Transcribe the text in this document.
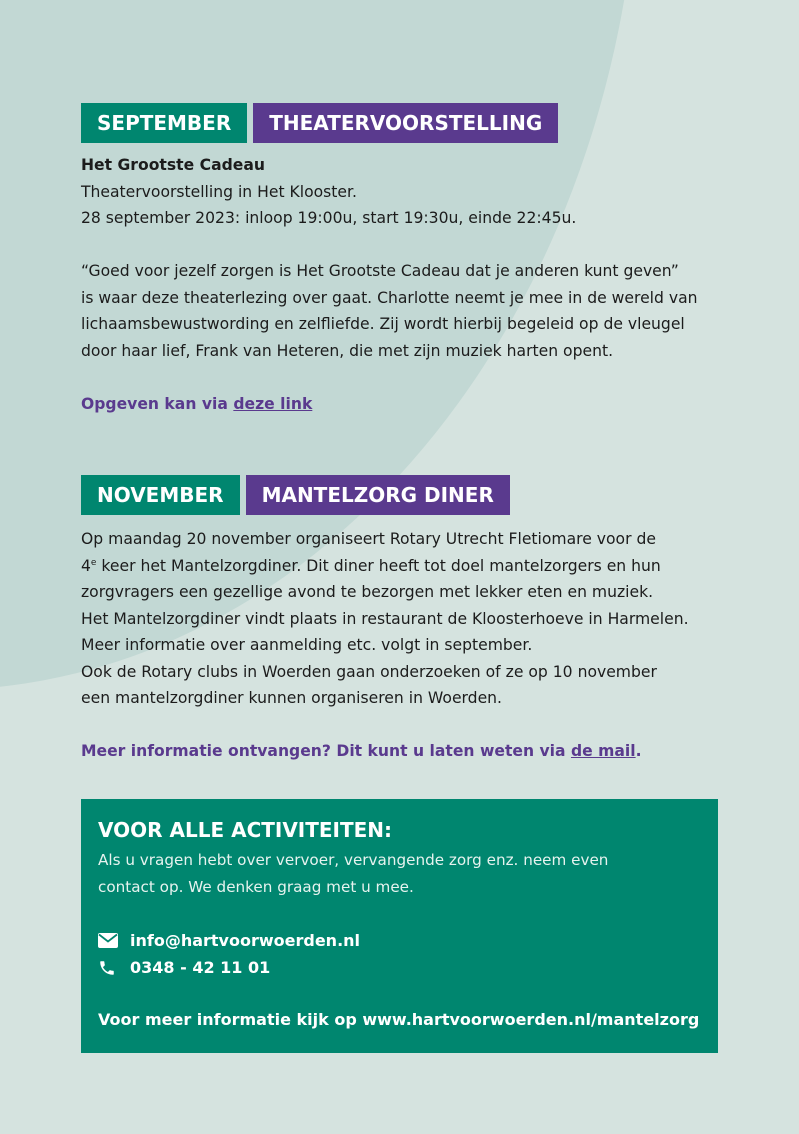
SEPTEMBER	THEATERVOORSTELLING

Het Grootste Cadeau

Theatervoorstelling in Het Klooster.

28 september 2023: inloop 19:00u, start 19:30u, einde 22:45u.

“Goed voor jezelf zorgen is Het Grootste Cadeau dat je anderen kunt geven”

is waar deze theaterlezing over gaat. Charlotte neemt je mee in de wereld van

lichaamsbewustwording en zelfliefde. Zij wordt hierbij begeleid op de vleugel

door haar lief, Frank van Heteren, die met zijn muziek harten opent.

Opgeven kan via deze link

NOVEMBER	MANTELZORG DINER

Op maandag 20 november organiseert Rotary Utrecht Fletiomare voor de

4e keer het Mantelzorgdiner. Dit diner heeft tot doel mantelzorgers en hun

zorgvragers een gezellige avond te bezorgen met lekker eten en muziek.

Het Mantelzorgdiner vindt plaats in restaurant de Kloosterhoeve in Harmelen.

Meer informatie over aanmelding etc. volgt in september.

Ook de Rotary clubs in Woerden gaan onderzoeken of ze op 10 november

een mantelzorgdiner kunnen organiseren in Woerden.

Meer informatie ontvangen? Dit kunt u laten weten via de mail.

VOOR ALLE ACTIVITEITEN:

Als u vragen hebt over vervoer, vervangende zorg enz. neem even

contact op. We denken graag met u mee.

info@hartvoorwoerden.nl
0348 - 42 11 01
Voor meer informatie kijk op www.hartvoorwoerden.nl/mantelzorg
